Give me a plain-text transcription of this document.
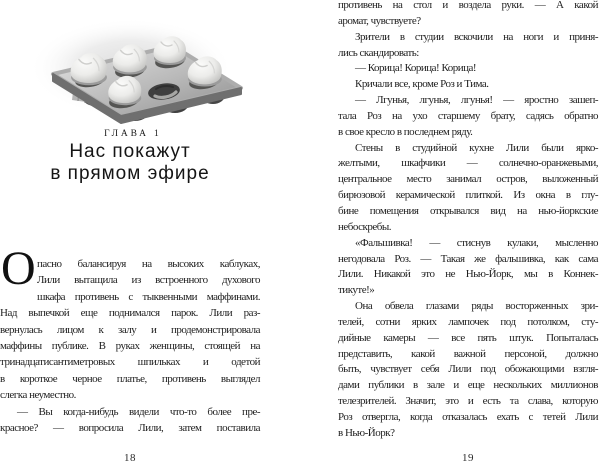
ГЛАВА 1
Нас покажут
в прямом эфире
О пасно балансируя на высоких каблуках,
Лили вытащила из встроенного духового
шкафа противень с тыквенными маффинами.
Над выпечкой еще поднимался парок. Лили раз-
вернулась лицом к залу и продемонстрировала
маффины публике. В руках женщины, стоящей на
тринадцатисантиметровых шпильках и одетой
в короткое черное платье, противень выглядел
слегка неуместно.
— Вы когда-нибудь видели что-то более пре-
красное? — вопросила Лили, затем поставила
18
противень на стол и воздела руки. — А какой
аромат, чувствуете?
Зрители в студии вскочили на ноги и приня-
лись скандировать:
— Корица! Корица! Корица!
Кричали все, кроме Роз и Тима.
— Лгунья, лгунья, лгунья! — яростно зашеп-
тала Роз на ухо старшему брату, садясь обратно
в свое кресло в последнем ряду.
Стены в студийной кухне Лили были ярко-
желтыми, шкафчики — солнечно-оранжевыми,
центральное место занимал остров, выложенный
бирюзовой керамической плиткой. Из окна в глу-
бине помещения открывался вид на нью-йоркские
небоскребы.
«Фальшивка! — стиснув кулаки, мысленно
негодовала Роз. — Такая же фальшивка, как сама
Лили. Никакой это не Нью-Йорк, мы в Коннек-
тикуте!»
Она обвела глазами ряды восторженных зри-
телей, сотни ярких лампочек под потолком, сту-
дийные камеры — все пять штук. Попыталась
представить, какой важной персоной, должно
быть, чувствует себя Лили под обожающими взгля-
дами публики в зале и еще нескольких миллионов
телезрителей. Значит, это и есть та слава, которую
Роз отвергла, когда отказалась ехать с тетей Лили
в Нью-Йорк?
19
